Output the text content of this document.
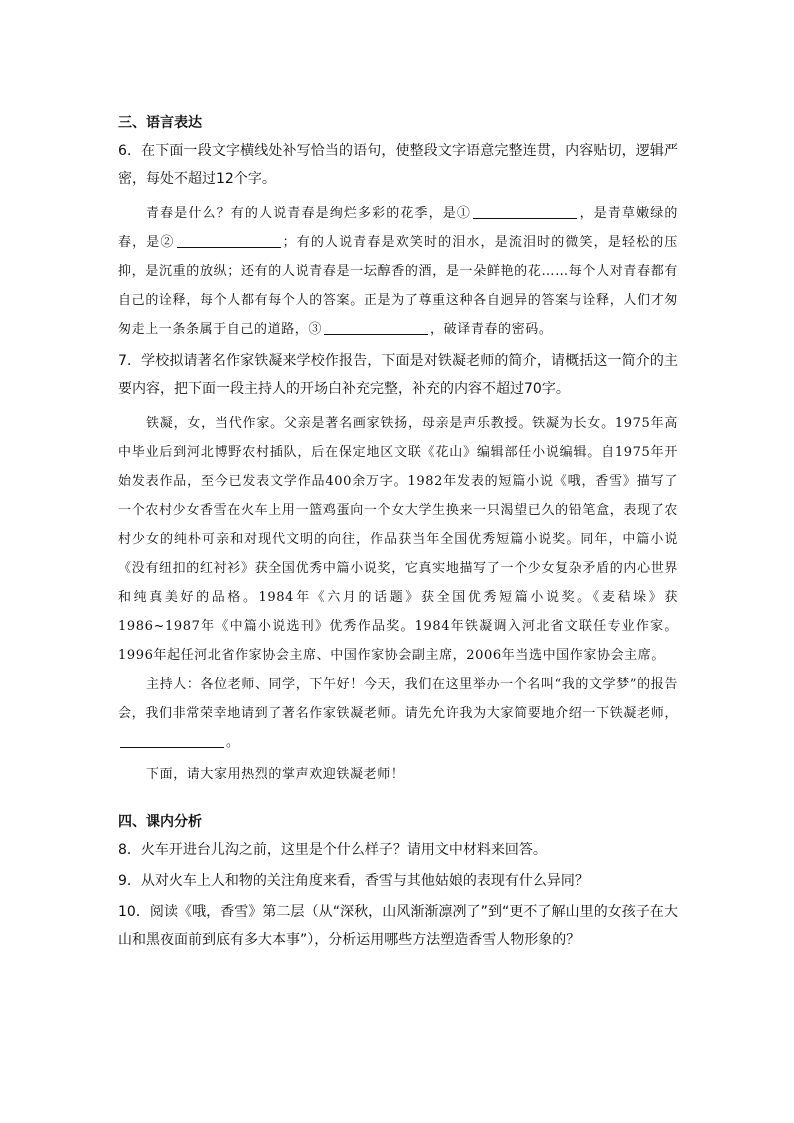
三、语言表达

6．在下面一段文字横线处补写恰当的语句，使整段文字语意完整连贯，内容贴切，逻辑严密，每处不超过12个字。

青春是什么？有的人说青春是绚烂多彩的花季，是①	，是青草嫩绿的春，是②	；有的人说青春是欢笑时的泪水，是流泪时的微笑，是轻松的压抑，是沉重的放纵；还有的人说青春是一坛醇香的酒，是一朵鲜艳的花……每个人对青春都有自己的诠释，每个人都有每个人的答案。正是为了尊重这种各自迥异的答案与诠释，人们才匆匆走上一条条属于自己的道路，③	，破译青春的密码。

7．学校拟请著名作家铁凝来学校作报告，下面是对铁凝老师的简介，请概括这一简介的主要内容，把下面一段主持人的开场白补充完整，补充的内容不超过70字。

铁凝，女，当代作家。父亲是著名画家铁扬，母亲是声乐教授。铁凝为长女。1975年高中毕业后到河北博野农村插队，后在保定地区文联《花山》编辑部任小说编辑。自1975年开始发表作品，至今已发表文学作品400余万字。1982年发表的短篇小说《哦，香雪》描写了一个农村少女香雪在火车上用一篮鸡蛋向一个女大学生换来一只渴望已久的铅笔盒，表现了农村少女的纯朴可亲和对现代文明的向往，作品获当年全国优秀短篇小说奖。同年，中篇小说《没有纽扣的红衬衫》获全国优秀中篇小说奖，它真实地描写了一个少女复杂矛盾的内心世界和纯真美好的品格。1984年《六月的话题》获全国优秀短篇小说奖。《麦秸垛》获1986~1987年《中篇小说选刊》优秀作品奖。1984年铁凝调入河北省文联任专业作家。1996年起任河北省作家协会主席、中国作家协会副主席，2006年当选中国作家协会主席。

主持人：各位老师、同学，下午好！今天，我们在这里举办一个名叫“我的文学梦”的报告会，我们非常荣幸地请到了著名作家铁凝老师。请先允许我为大家简要地介绍一下铁凝老师，。

下面，请大家用热烈的掌声欢迎铁凝老师！

四、课内分析

8．火车开进台儿沟之前，这里是个什么样子？请用文中材料来回答。

9．从对火车上人和物的关注角度来看，香雪与其他姑娘的表现有什么异同？

10．阅读《哦，香雪》第二层（从“深秋，山风渐渐凛冽了”到“更不了解山里的女孩子在大山和黑夜面前到底有多大本事”），分析运用哪些方法塑造香雪人物形象的？
